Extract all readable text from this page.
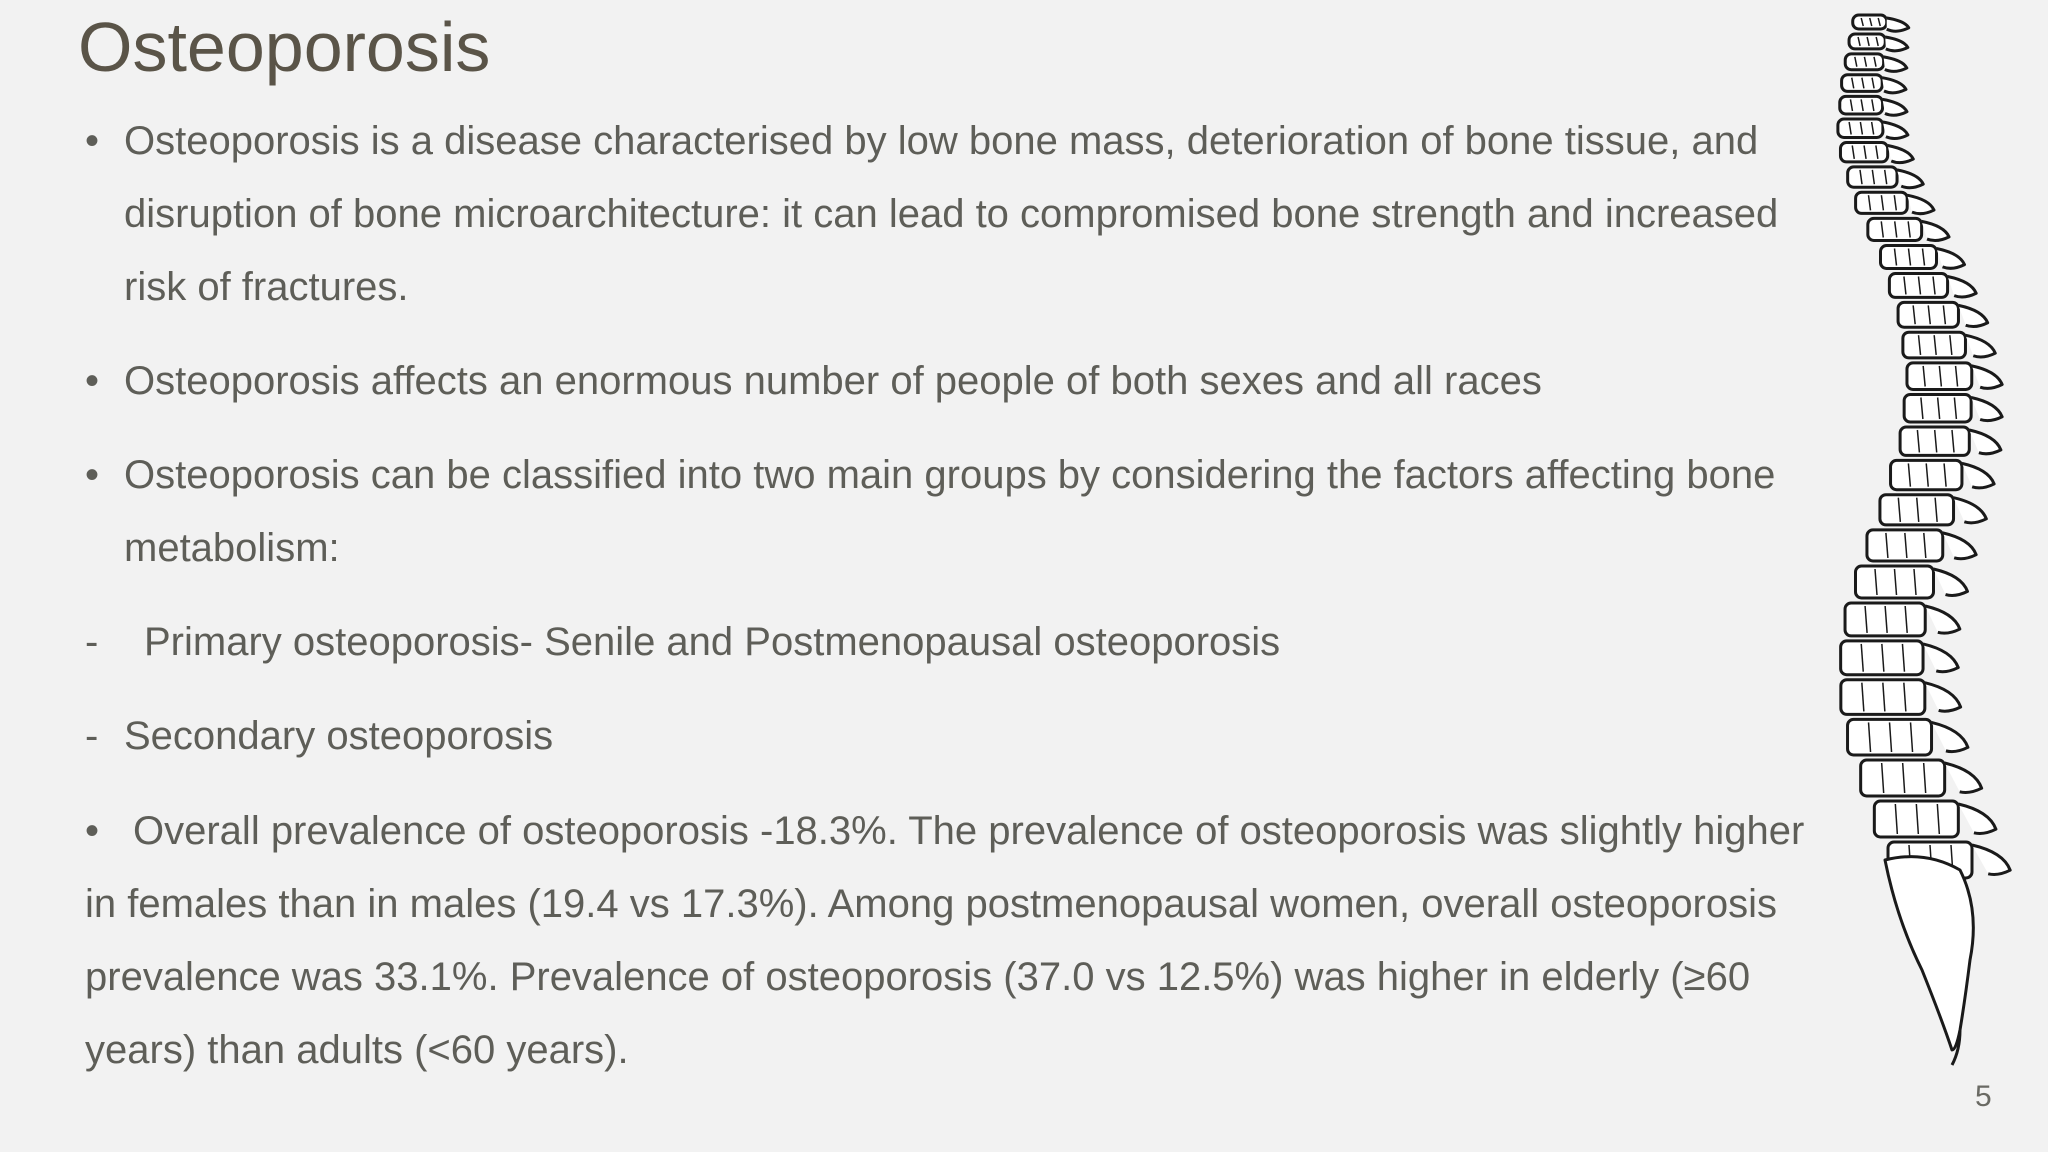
Osteoporosis
• Osteoporosis is a disease characterised by low bone mass, deterioration of bone tissue, and disruption of bone microarchitecture: it can lead to compromised bone strength and increased risk of fractures.
• Osteoporosis affects an enormous number of people of both sexes and all races
• Osteoporosis can be classified into two main groups by considering the factors affecting bone metabolism:
-	Primary osteoporosis- Senile and Postmenopausal osteoporosis
- Secondary osteoporosis
• Overall prevalence of osteoporosis -18.3%. The prevalence of osteoporosis was slightly higher in females than in males (19.4 vs 17.3%). Among postmenopausal women, overall osteoporosis prevalence was 33.1%. Prevalence of osteoporosis (37.0 vs 12.5%) was higher in elderly (≥60 years) than adults (<60 years).
5
